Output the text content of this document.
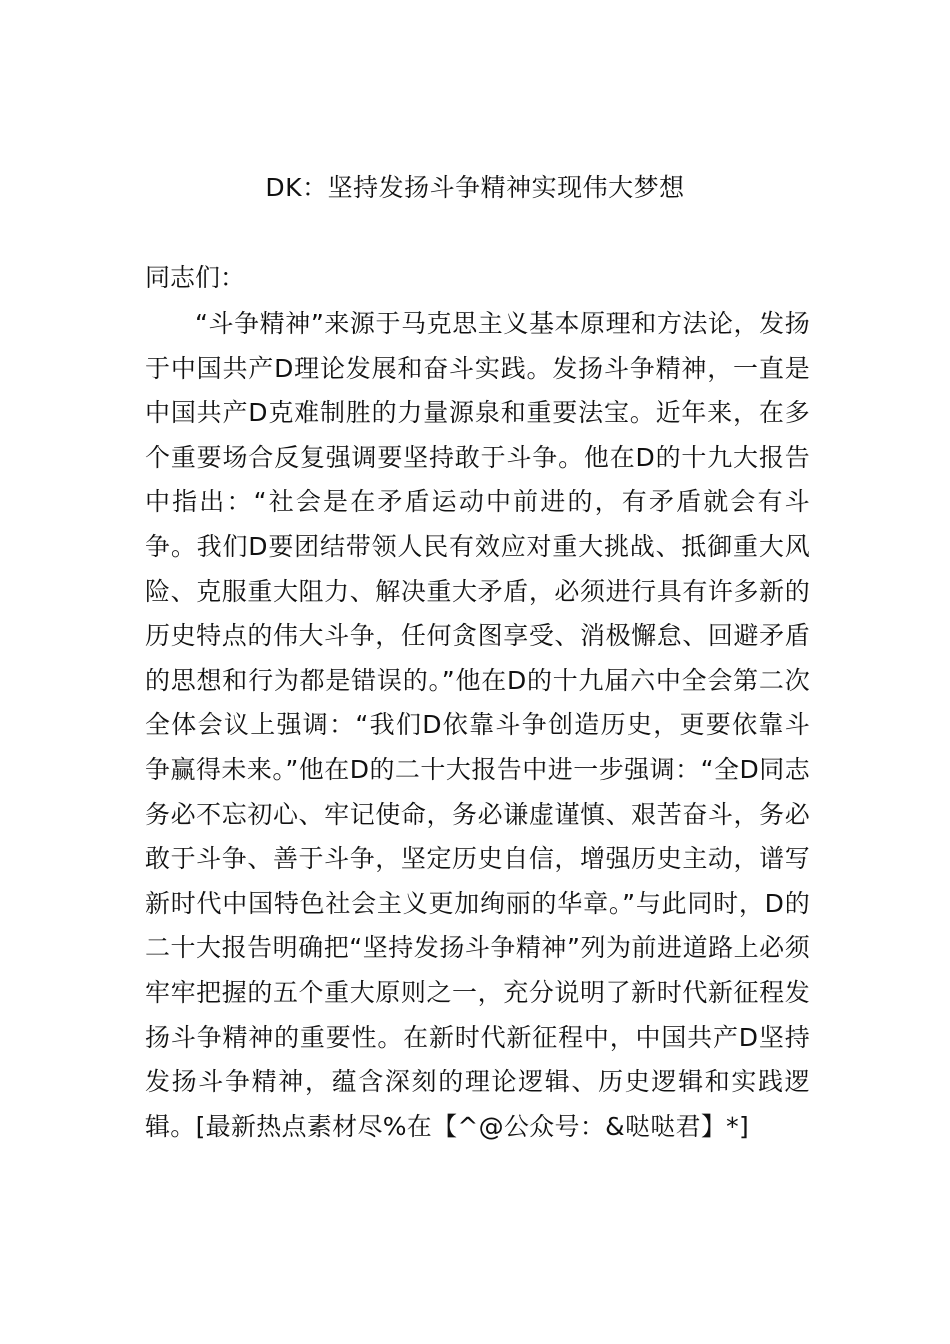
DK：坚持发扬斗争精神实现伟大梦想
同志们：

“斗争精神”来源于马克思主义基本原理和方法论，发扬于中国共产D理论发展和奋斗实践。发扬斗争精神，一直是中国共产D克难制胜的力量源泉和重要法宝。近年来，在多个重要场合反复强调要坚持敢于斗争。他在D的十九大报告中指出：“社会是在矛盾运动中前进的，有矛盾就会有斗争。我们D要团结带领人民有效应对重大挑战、抵御重大风险、克服重大阻力、解决重大矛盾，必须进行具有许多新的历史特点的伟大斗争，任何贪图享受、消极懈怠、回避矛盾的思想和行为都是错误的。”他在D的十九届六中全会第二次全体会议上强调：“我们D依靠斗争创造历史，更要依靠斗争赢得未来。”他在D的二十大报告中进一步强调：“全D同志务必不忘初心、牢记使命，务必谦虚谨慎、艰苦奋斗，务必敢于斗争、善于斗争，坚定历史自信，增强历史主动，谱写新时代中国特色社会主义更加绚丽的华章。”与此同时，D的二十大报告明确把“坚持发扬斗争精神”列为前进道路上必须牢牢把握的五个重大原则之一，充分说明了新时代新征程发扬斗争精神的重要性。在新时代新征程中，中国共产D坚持发扬斗争精神，蕴含深刻的理论逻辑、历史逻辑和实践逻辑。[最新热点素材尽%在【^@公众号：&哒哒君】*]
